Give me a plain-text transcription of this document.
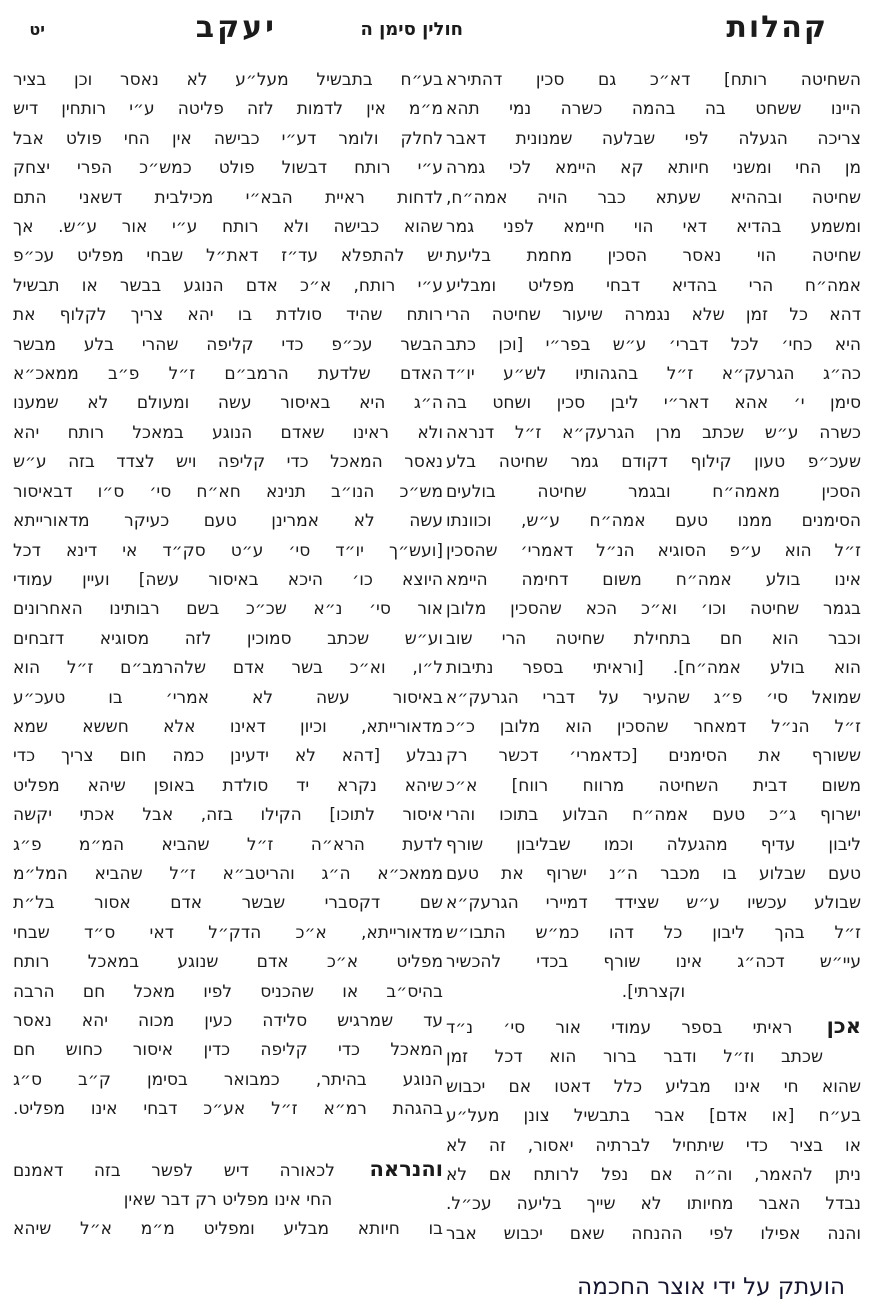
קהלות
חולין סימן ה
יעקב
יט
השחיטה רותח] דא״כ גם סכין דהתירא
היינו ששחט בה בהמה כשרה נמי תהא
צריכה הגעלה לפי שבלעה שמנונית דאבר
מן החי ומשני חיותא קא היימא לכי גמרה
שחיטה ובההיא שעתא כבר הויה אמה״ח,
ומשמע בהדיא דאי הוי חיימא לפני גמר
שחיטה הוי נאסר הסכין מחמת בליעת
אמה״ח הרי בהדיא דבחי מפליט ומבליע
דהא כל זמן שלא נגמרה שיעור שחיטה הרי
היא כחי׳ לכל דברי׳ ע״ש בפר״י [וכן כתב
כה״ג הגרעק״א ז״ל בהגהותיו לש״ע יו״ד
סימן י׳ אהא דאר״י ליבן סכין ושחט בה
כשרה ע״ש שכתב מרן הגרעק״א ז״ל דנראה
שעכ״פ טעון קילוף דקודם גמר שחיטה בלע
הסכין מאמה״ח ובגמר שחיטה בולעים
הסימנים ממנו טעם אמה״ח ע״ש, וכוונתו
ז״ל הוא ע״פ הסוגיא הנ״ל דאמרי׳ שהסכין
אינו בולע אמה״ח משום דחימה היימא
בגמר שחיטה וכו׳ וא״כ הכא שהסכין מלובן
וכבר הוא חם בתחילת שחיטה הרי שוב
הוא בולע אמה״ח]. [וראיתי בספר נתיבות
שמואל סי׳ פ״ג שהעיר על דברי הגרעק״א
ז״ל הנ״ל דמאחר שהסכין הוא מלובן כ״כ
ששורף את הסימנים [כדאמרי׳ דכשר רק
משום דבית השחיטה מרווח רווח] א״כ
ישרוף ג״כ טעם אמה״ח הבלוע בתוכו והרי
ליבון עדיף מהגעלה וכמו שבליבון שורף
טעם שבלוע בו מכבר ה״נ ישרוף את טעם
שבולע עכשיו ע״ש שצידד דמיירי הגרעק״א
ז״ל בהך ליבון כל דהו כמ״ש התבו״ש
עיי״ש דכה״ג אינו שורף בכדי להכשיר
וקצרתי].
אכן ראיתי בספר עמודי אור סי׳ נ״ד
שכתב וז״ל ודבר ברור הוא דכל זמן
שהוא חי אינו מבליע כלל דאטו אם יכבוש
בע״ח [או אדם] אבר בתבשיל צונן מעל״ע
או בציר כדי שיתחיל לברתיה יאסור, זה לא
ניתן להאמר, וה״ה אם נפל לרותח אם לא
נבדל האבר מחיותו לא שייך בליעה עכ״ל.
והנה אפילו לפי ההנחה שאם יכבוש אבר
בע״ח בתבשיל מעל״ע לא נאסר וכן בציר
מ״מ אין לדמות לזה פליטה ע״י רותחין דיש
לחלק ולומר דע״י כבישה אין החי פולט אבל
ע״י רותח דבשול פולט כמש״כ הפרי יצחק
לדחות ראיית הבא״י מכילבית דשאני התם
שהוא כבישה ולא רותח ע״י אור ע״ש. אך
יש להתפלא עד״ז דאת״ל שבחי מפליט עכ״פ
ע״י רותח, א״כ אדם הנוגע בבשר או תבשיל
רותח שהיד סולדת בו יהא צריך לקלוף את
הבשר עכ״פ כדי קליפה שהרי בלע מבשר
האדם שלדעת הרמב״ם ז״ל פ״ב ממאכ״א
ה״ג היא באיסור עשה ומעולם לא שמענו
ולא ראינו שאדם הנוגע במאכל רותח יהא
נאסר המאכל כדי קליפה ויש לצדד בזה ע״ש
מש״כ הנו״ב תנינא חא״ח סי׳ ס״ו דבאיסור
עשה לא אמרינן טעם כעיקר מדאורייתא
[ועש״ך יו״ד סי׳ ע״ט סק״ד אי דינא דכל
היוצא כו׳ היכא באיסור עשה] ועיין עמודי
אור סי׳ נ״א שכ״כ בשם רבותינו האחרונים
וע״ש שכתב סמוכין לזה מסוגיא דזבחים
ל״ו, וא״כ בשר אדם שלהרמב״ם ז״ל הוא
באיסור עשה לא אמרי׳ בו טעכ״ע
מדאורייתא, וכיון דאינו אלא חששא שמא
נבלע [דהא לא ידעינן כמה חום צריך כדי
שיהא נקרא יד סולדת באופן שיהא מפליט
איסור לתוכו] הקילו בזה, אבל אכתי יקשה
לדעת הרא״ה ז״ל שהביא המ״מ פ״ג
ממאכ״א ה״ג והריטב״א ז״ל שהביא המל״מ
שם דקסברי שבשר אדם אסור בל״ת
מדאורייתא, א״כ הדק״ל דאי ס״ד שבחי
מפליט א״כ אדם שנוגע במאכל רותח
בהיס״ב או שהכניס לפיו מאכל חם הרבה
עד שמרגיש סלידה כעין מכוה יהא נאסר
המאכל כדי קליפה כדין איסור כחוש חם
הנוגע בהיתר, כמבואר בסימן ק״ב ס״ג
בהגהת רמ״א ז״ל אע״כ דבחי אינו מפליט.
והנראה לכאורה דיש לפשר בזה דאמנם
החי אינו מפליט רק דבר שאין
בו חיותא מבליע ומפליט מ״מ א״ל שיהא
הועתק על ידי אוצר החכמה
